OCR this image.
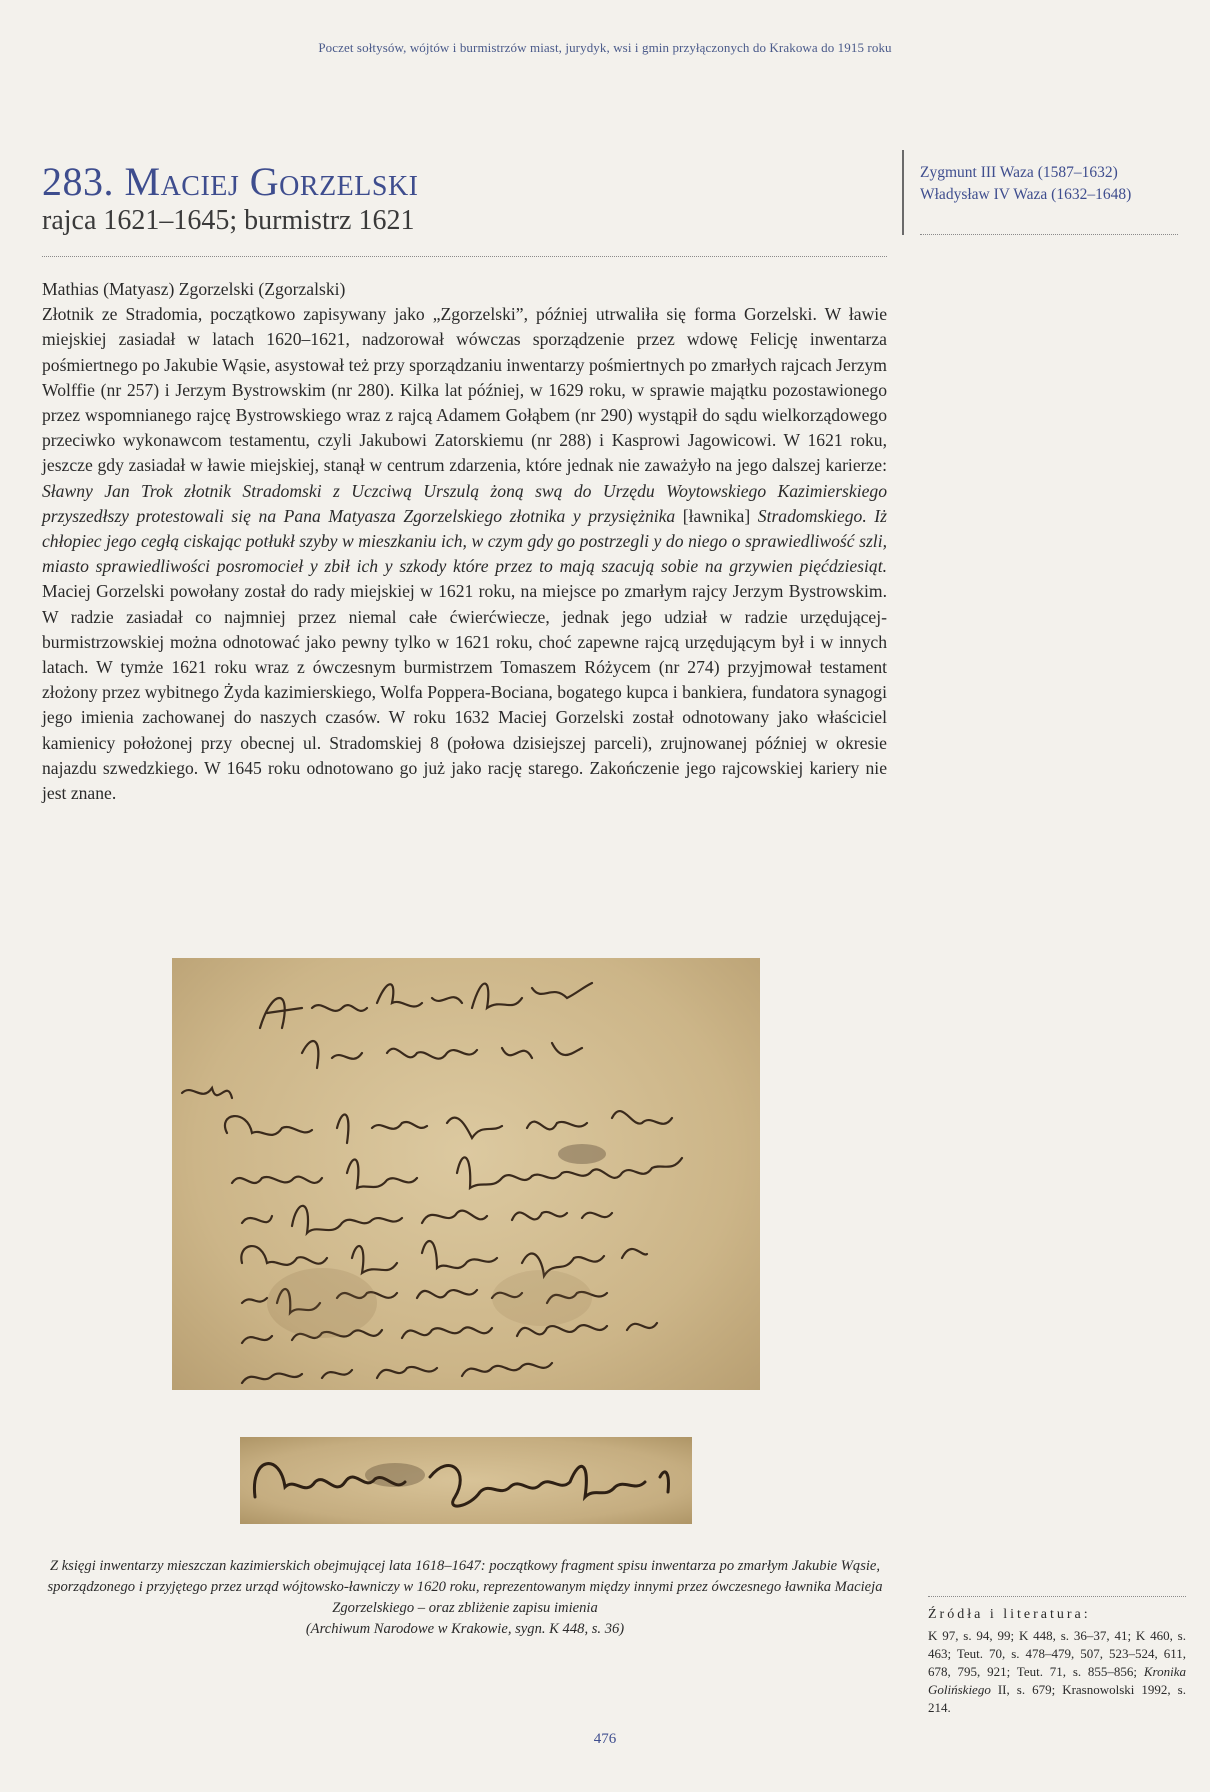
Poczet sołtysów, wójtów i burmistrzów miast, jurydyk, wsi i gmin przyłączonych do Krakowa do 1915 roku
283. Maciej Gorzelski
rajca 1621–1645; burmistrz 1621

Mathias (Matyasz) Zgorzelski (Zgorzalski)
Złotnik ze Stradomia, początkowo zapisywany jako „Zgorzelski”, później utrwaliła się forma Gorzelski. W ławie miejskiej zasiadał w latach 1620–1621, nadzorował wówczas sporządzenie przez wdowę Felicję inwentarza pośmiertnego po Jakubie Wąsie, asystował też przy sporządzaniu inwentarzy pośmiertnych po zmarłych rajcach Jerzym Wolffie (nr 257) i Jerzym Bystrowskim (nr 280). Kilka lat później, w 1629 roku, w sprawie majątku pozostawionego przez wspomnianego rajcę Bystrowskiego wraz z rajcą Adamem Gołąbem (nr 290) wystąpił do sądu wielkorządowego przeciwko wykonawcom testamentu, czyli Jakubowi Zatorskiemu (nr 288) i Kasprowi Jagowicowi. W 1621 roku, jeszcze gdy zasiadał w ławie miejskiej, stanął w centrum zdarzenia, które jednak nie zaważyło na jego dalszej karierze: Sławny Jan Trok złotnik Stradomski z Uczciwą Urszulą żoną swą do Urzędu Woytowskiego Kazimierskiego przyszedłszy protestowali się na Pana Matyasza Zgorzelskiego złotnika y przysiężnika [ławnika] Stradomskiego. Iż chłopiec jego cegłą ciskając potłukł szyby w mieszkaniu ich, w czym gdy go postrzegli y do niego o sprawiedliwość szli, miasto sprawiedliwości posromocieł y zbił ich y szkody które przez to mają szacują sobie na grzywien pięćdziesiąt. Maciej Gorzelski powołany został do rady miejskiej w 1621 roku, na miejsce po zmarłym rajcy Jerzym Bystrowskim. W radzie zasiadał co najmniej przez niemal całe ćwierćwiecze, jednak jego udział w radzie urzędującej-burmistrzowskiej można odnotować jako pewny tylko w 1621 roku, choć zapewne rajcą urzędującym był i w innych latach. W tymże 1621 roku wraz z ówczesnym burmistrzem Tomaszem Różycem (nr 274) przyjmował testament złożony przez wybitnego Żyda kazimierskiego, Wolfa Poppera-Bociana, bogatego kupca i bankiera, fundatora synagogi jego imienia zachowanej do naszych czasów. W roku 1632 Maciej Gorzelski został odnotowany jako właściciel kamienicy położonej przy obecnej ul. Stradomskiej 8 (połowa dzisiejszej parceli), zrujnowanej później w okresie najazdu szwedzkiego. W 1645 roku odnotowano go już jako rację starego. Zakończenie jego rajcowskiej kariery nie jest znane.

Zygmunt III Waza (1587–1632)

Władysław IV Waza (1632–1648)

Z księgi inwentarzy mieszczan kazimierskich obejmującej lata 1618–1647: początkowy fragment spisu inwentarza po zmarłym Jakubie Wąsie, sporządzonego i przyjętego przez urząd wójtowsko-ławniczy w 1620 roku, reprezentowanym między innymi przez ówczesnego ławnika Macieja Zgorzelskiego – oraz zbliżenie zapisu imienia
(Archiwum Narodowe w Krakowie, sygn. K 448, s. 36)
Źródła i literatura:
K 97, s. 94, 99; K 448, s. 36–37, 41; K 460, s. 463; Teut. 70, s. 478–479, 507, 523–524, 611, 678, 795, 921; Teut. 71, s. 855–856; Kronika Golińskiego II, s. 679; Krasnowolski 1992, s. 214.
476
